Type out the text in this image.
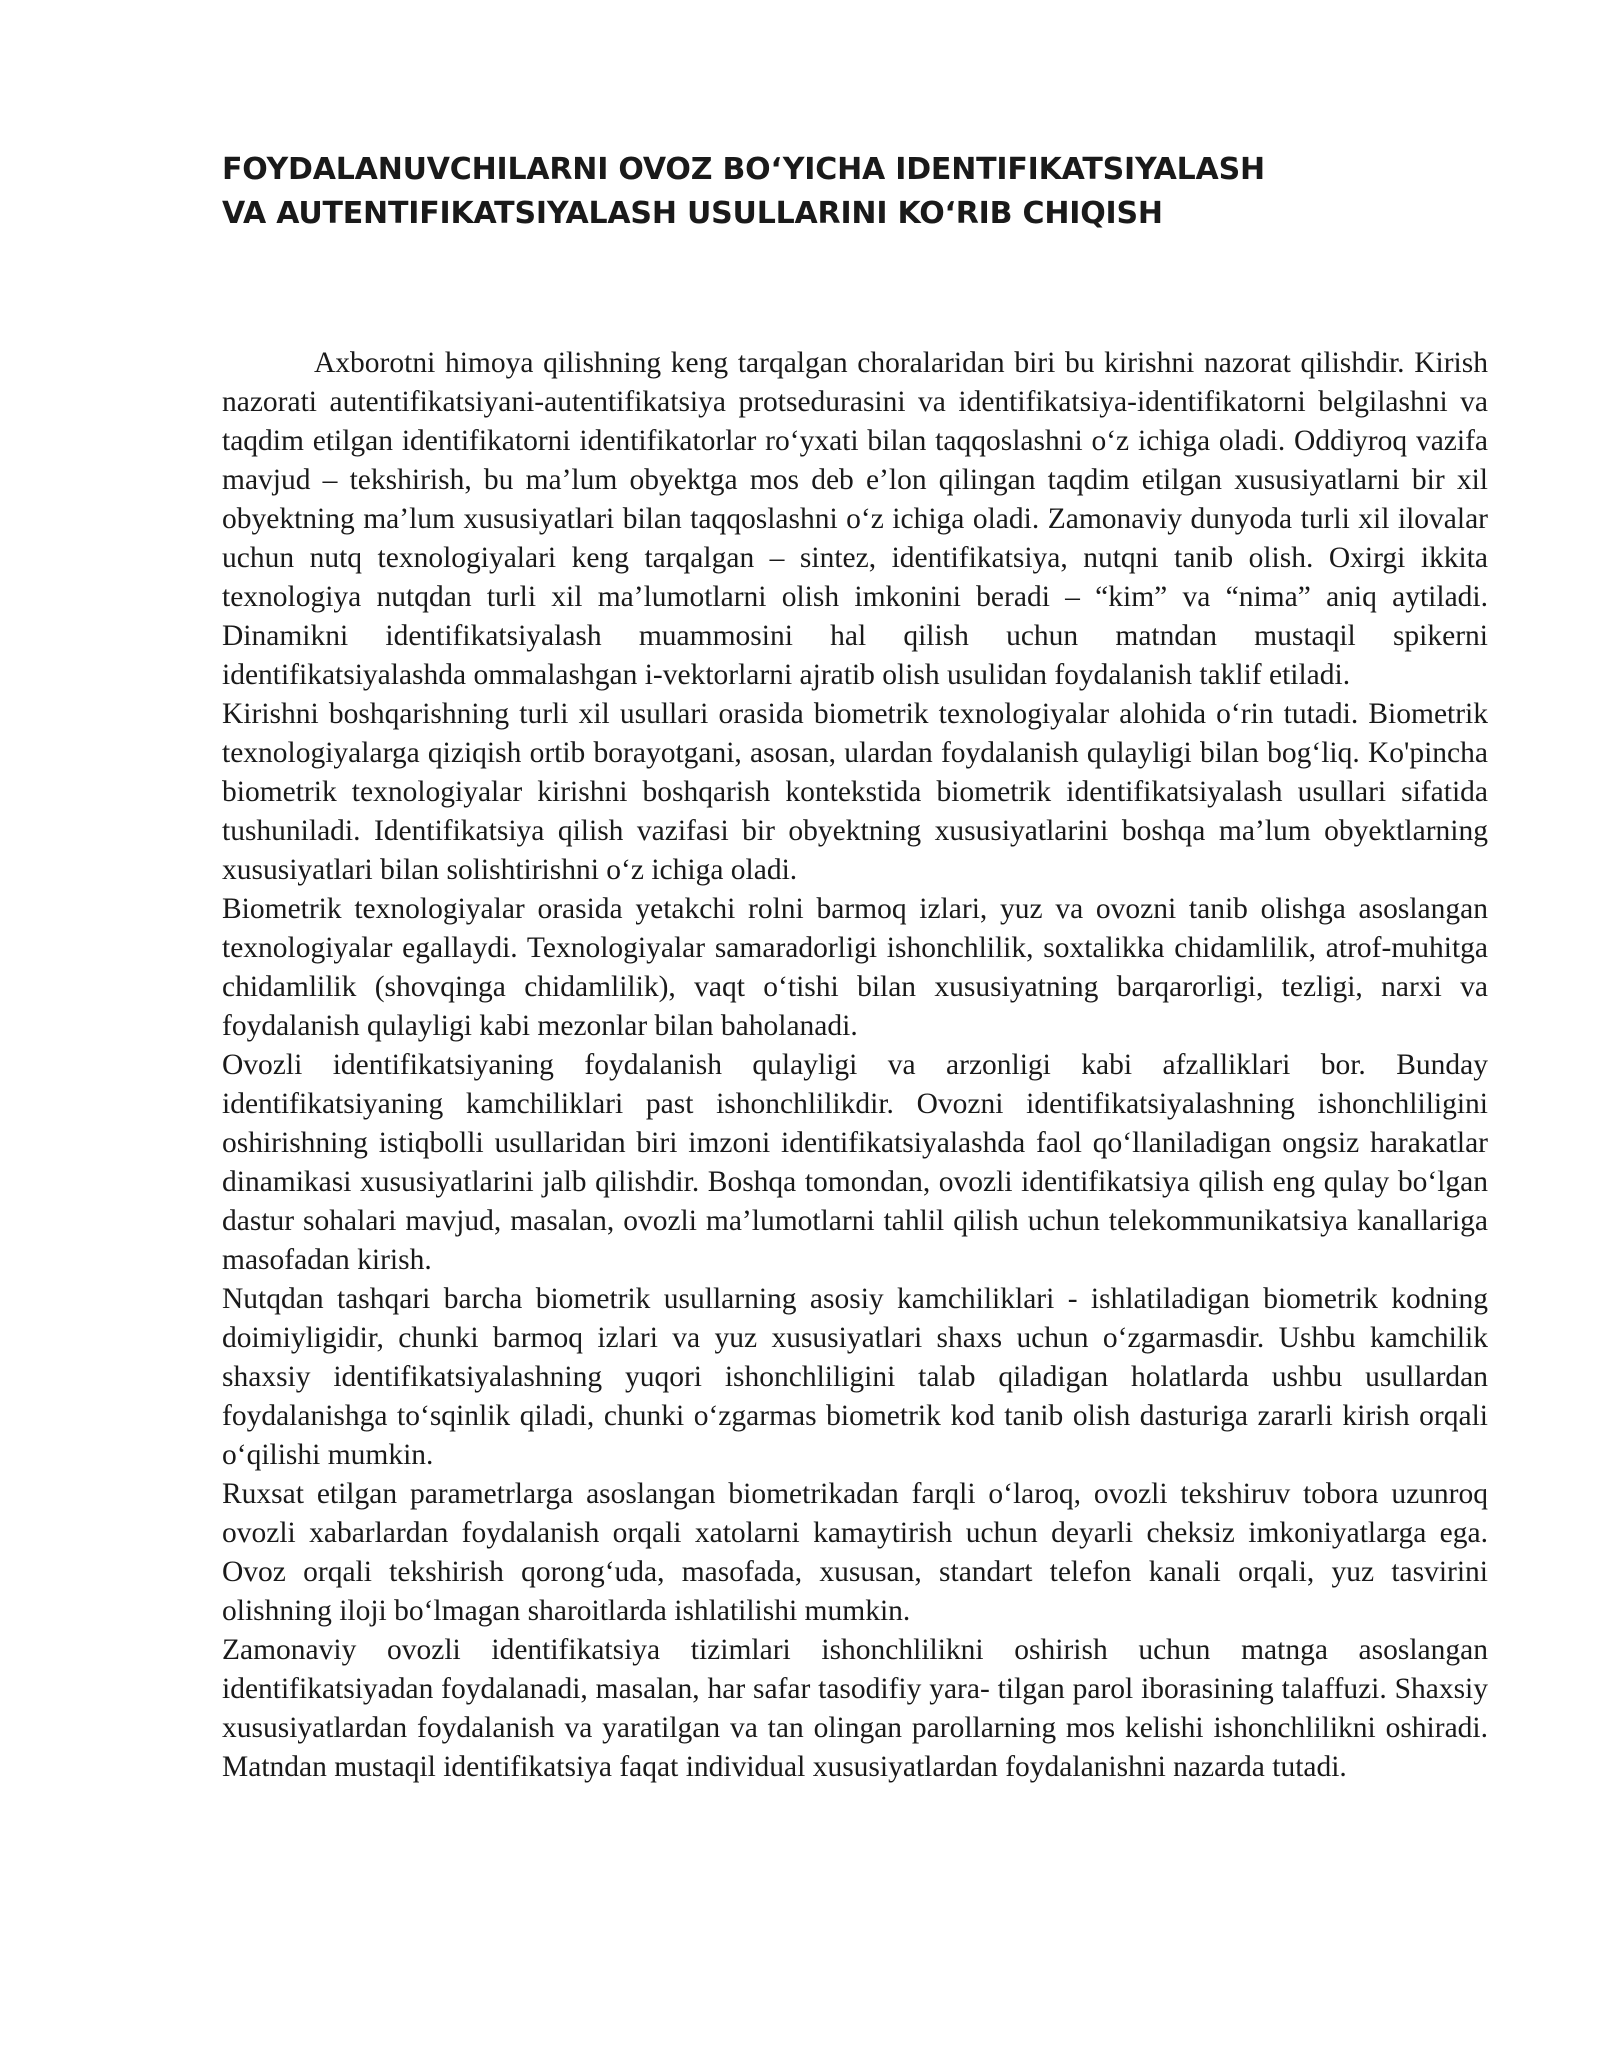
FOYDALANUVCHILARNI OVOZ BO‘YICHA IDENTIFIKATSIYALASH
VA AUTENTIFIKATSIYALASH USULLARINI KO‘RIB CHIQISH

Axborotni himoya qilishning keng tarqalgan choralaridan biri bu kirishni nazorat qilishdir. Kirish nazorati autentifikatsiyani-autentifikatsiya protsedurasini va identifikatsiya-identifikatorni belgilashni va taqdim etilgan identifikatorni identifikatorlar ro‘yxati bilan taqqoslashni o‘z ichiga oladi. Oddiyroq vazifa mavjud – tekshirish, bu ma’lum obyektga mos deb e’lon qilingan taqdim etilgan xususiyatlarni bir xil obyektning ma’lum xususiyatlari bilan taqqoslashni o‘z ichiga oladi. Zamonaviy dunyoda turli xil ilovalar uchun nutq texnologiyalari keng tarqalgan – sintez, identifikatsiya, nutqni tanib olish. Oxirgi ikkita texnologiya nutqdan turli xil ma’lumotlarni olish imkonini beradi – “kim” va “nima” aniq aytiladi. Dinamikni identifikatsiyalash muammosini hal qilish uchun matndan mustaqil spikerni identifikatsiyalashda ommalashgan i-vektorlarni ajratib olish usulidan foydalanish taklif etiladi.

Kirishni boshqarishning turli xil usullari orasida biometrik texnologiyalar alohida o‘rin tutadi. Biometrik texnologiyalarga qiziqish ortib borayotgani, asosan, ulardan foydalanish qulayligi bilan bog‘liq. Ko'pincha biometrik texnologiyalar kirishni boshqarish kontekstida biometrik identifikatsiyalash usullari sifatida tushuniladi. Identifikatsiya qilish vazifasi bir obyektning xususiyatlarini boshqa ma’lum obyektlarning xususiyatlari bilan solishtirishni o‘z ichiga oladi.

Biometrik texnologiyalar orasida yetakchi rolni barmoq izlari, yuz va ovozni tanib olishga asoslangan texnologiyalar egallaydi. Texnologiyalar samaradorligi ishonchlilik, soxtalikka chidamlilik, atrof-muhitga chidamlilik (shovqinga chidamlilik), vaqt o‘tishi bilan xususiyatning barqarorligi, tezligi, narxi va foydalanish qulayligi kabi mezonlar bilan baholanadi.

Ovozli identifikatsiyaning foydalanish qulayligi va arzonligi kabi afzalliklari bor. Bunday identifikatsiyaning kamchiliklari past ishonchlilikdir. Ovozni identifikatsiyalashning ishonchliligini oshirishning istiqbolli usullaridan biri imzoni identifikatsiyalashda faol qo‘llaniladigan ongsiz harakatlar dinamikasi xususiyatlarini jalb qilishdir. Boshqa tomondan, ovozli identifikatsiya qilish eng qulay bo‘lgan dastur sohalari mavjud, masalan, ovozli ma’lumotlarni tahlil qilish uchun telekommunikatsiya kanallariga masofadan kirish.

Nutqdan tashqari barcha biometrik usullarning asosiy kamchiliklari - ishlatiladigan biometrik kodning doimiyligidir, chunki barmoq izlari va yuz xususiyatlari shaxs uchun o‘zgarmasdir. Ushbu kamchilik shaxsiy identifikatsiyalashning yuqori ishonchliligini talab qiladigan holatlarda ushbu usullardan foydalanishga to‘sqinlik qiladi, chunki o‘zgarmas biometrik kod tanib olish dasturiga zararli kirish orqali o‘qilishi mumkin.

Ruxsat etilgan parametrlarga asoslangan biometrikadan farqli o‘laroq, ovozli tekshiruv tobora uzunroq ovozli xabarlardan foydalanish orqali xatolarni kamaytirish uchun deyarli cheksiz imkoniyatlarga ega. Ovoz orqali tekshirish qorong‘uda, masofada, xususan, standart telefon kanali orqali, yuz tasvirini olishning iloji bo‘lmagan sharoitlarda ishlatilishi mumkin.

Zamonaviy ovozli identifikatsiya tizimlari ishonchlilikni oshirish uchun matnga asoslangan identifikatsiyadan foydalanadi, masalan, har safar tasodifiy yara- tilgan parol iborasining talaffuzi. Shaxsiy xususiyatlardan foydalanish va yaratilgan va tan olingan parollarning mos kelishi ishonchlilikni oshiradi. Matndan mustaqil identifikatsiya faqat individual xususiyatlardan foydalanishni nazarda tutadi.
